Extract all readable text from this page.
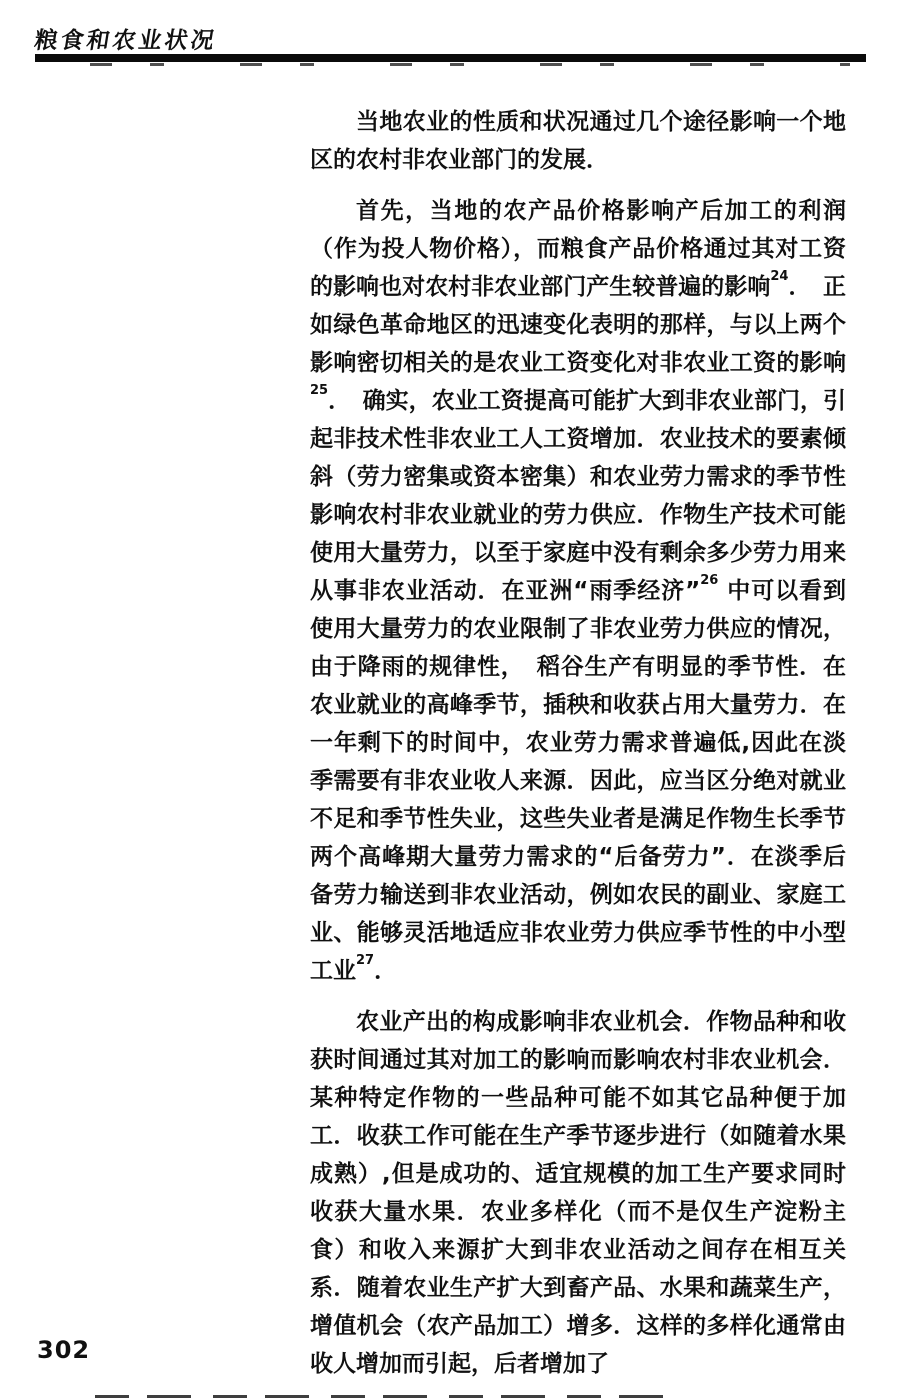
粮食和农业状况

当地农业的性质和状况通过几个途径影响一个地区的农村非农业部门的发展．

首先，当地的农产品价格影响产后加工的利润（作为投人物价格），而粮食产品价格通过其对工资的影响也对农村非农业部门产生较普遍的影响$^{24}$．　正如绿色革命地区的迅速变化表明的那样，与以上两个影响密切相关的是农业工资变化对非农业工资的影响$^{25}$．　确实，农业工资提高可能扩大到非农业部门，引起非技术性非农业工人工资增加．农业技术的要素倾斜（劳力密集或资本密集）和农业劳力需求的季节性影响农村非农业就业的劳力供应．作物生产技术可能使用大量劳力，以至于家庭中没有剩余多少劳力用来从事非农业活动．在亚洲“雨季经济”$^{26}$ 中可以看到使用大量劳力的农业限制了非农业劳力供应的情况，由于降雨的规律性，　稻谷生产有明显的季节性．在农业就业的高峰季节，插秧和收获占用大量劳力．在一年剩下的时间中，农业劳力需求普遍低,因此在淡季需要有非农业收人来源．因此，应当区分绝对就业不足和季节性失业，这些失业者是满足作物生长季节两个高峰期大量劳力需求的“后备劳力”．在淡季后备劳力输送到非农业活动，例如农民的副业、家庭工业、能够灵活地适应非农业劳力供应季节性的中小型工业$^{27}$．

农业产出的构成影响非农业机会．作物品种和收获时间通过其对加工的影响而影响农村非农业机会．某种特定作物的一些品种可能不如其它品种便于加工．收获工作可能在生产季节逐步进行（如随着水果成熟）,但是成功的、适宜规模的加工生产要求同时收获大量水果．农业多样化（而不是仅生产淀粉主食）和收入来源扩大到非农业活动之间存在相互关系．随着农业生产扩大到畜产品、水果和蔬菜生产，增值机会（农产品加工）增多．这样的多样化通常由收人增加而引起，后者增加了

302
